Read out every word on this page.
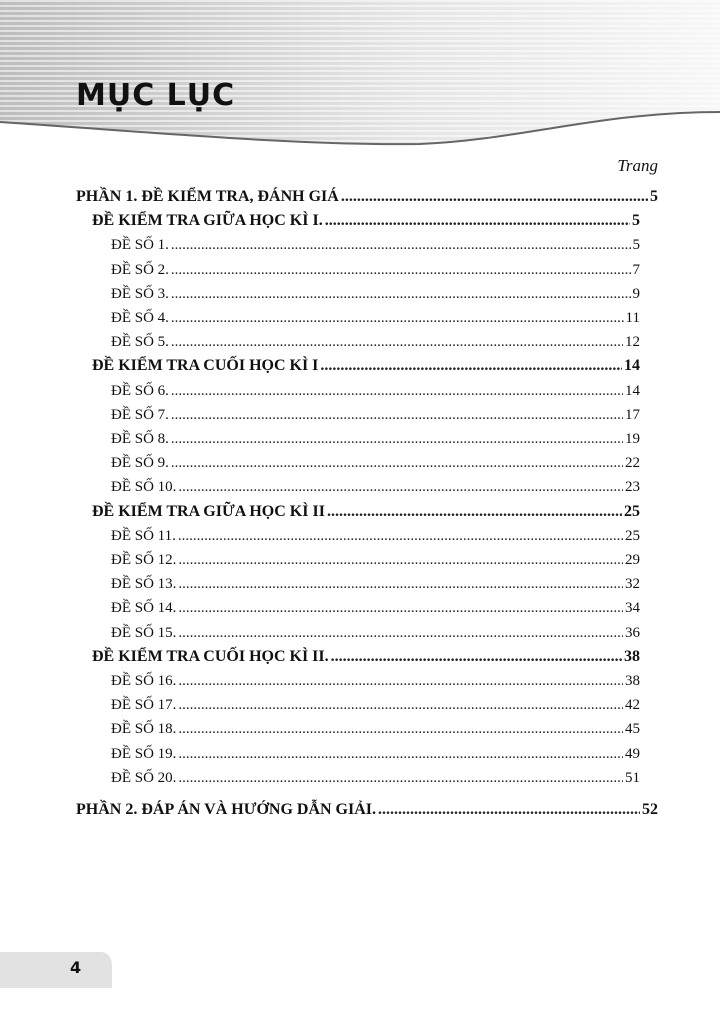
MỤC LỤC
Trang
PHẦN 1. ĐỀ KIỂM TRA, ĐÁNH GIÁ .....	5
ĐỀ KIỂM TRA GIỮA HỌC KÌ I. .....	5
ĐỀ SỐ 1. .....	5
ĐỀ SỐ 2. .....	7
ĐỀ SỐ 3. .....	9
ĐỀ SỐ 4. .....	11
ĐỀ SỐ 5. .....	12
ĐỀ KIỂM TRA CUỐI HỌC KÌ I .....	14
ĐỀ SỐ 6. .....	14
ĐỀ SỐ 7. .....	17
ĐỀ SỐ 8. .....	19
ĐỀ SỐ 9. .....	22
ĐỀ SỐ 10. .....	23
ĐỀ KIỂM TRA GIỮA HỌC KÌ II .....	25
ĐỀ SỐ 11. .....	25
ĐỀ SỐ 12. .....	29
ĐỀ SỐ 13. .....	32
ĐỀ SỐ 14. .....	34
ĐỀ SỐ 15. .....	36
ĐỀ KIỂM TRA CUỐI HỌC KÌ II. .....	38
ĐỀ SỐ 16. .....	38
ĐỀ SỐ 17. .....	42
ĐỀ SỐ 18. .....	45
ĐỀ SỐ 19. .....	49
ĐỀ SỐ 20. .....	51
PHẦN 2. ĐÁP ÁN VÀ HƯỚNG DẪN GIẢI. .....	52
4
